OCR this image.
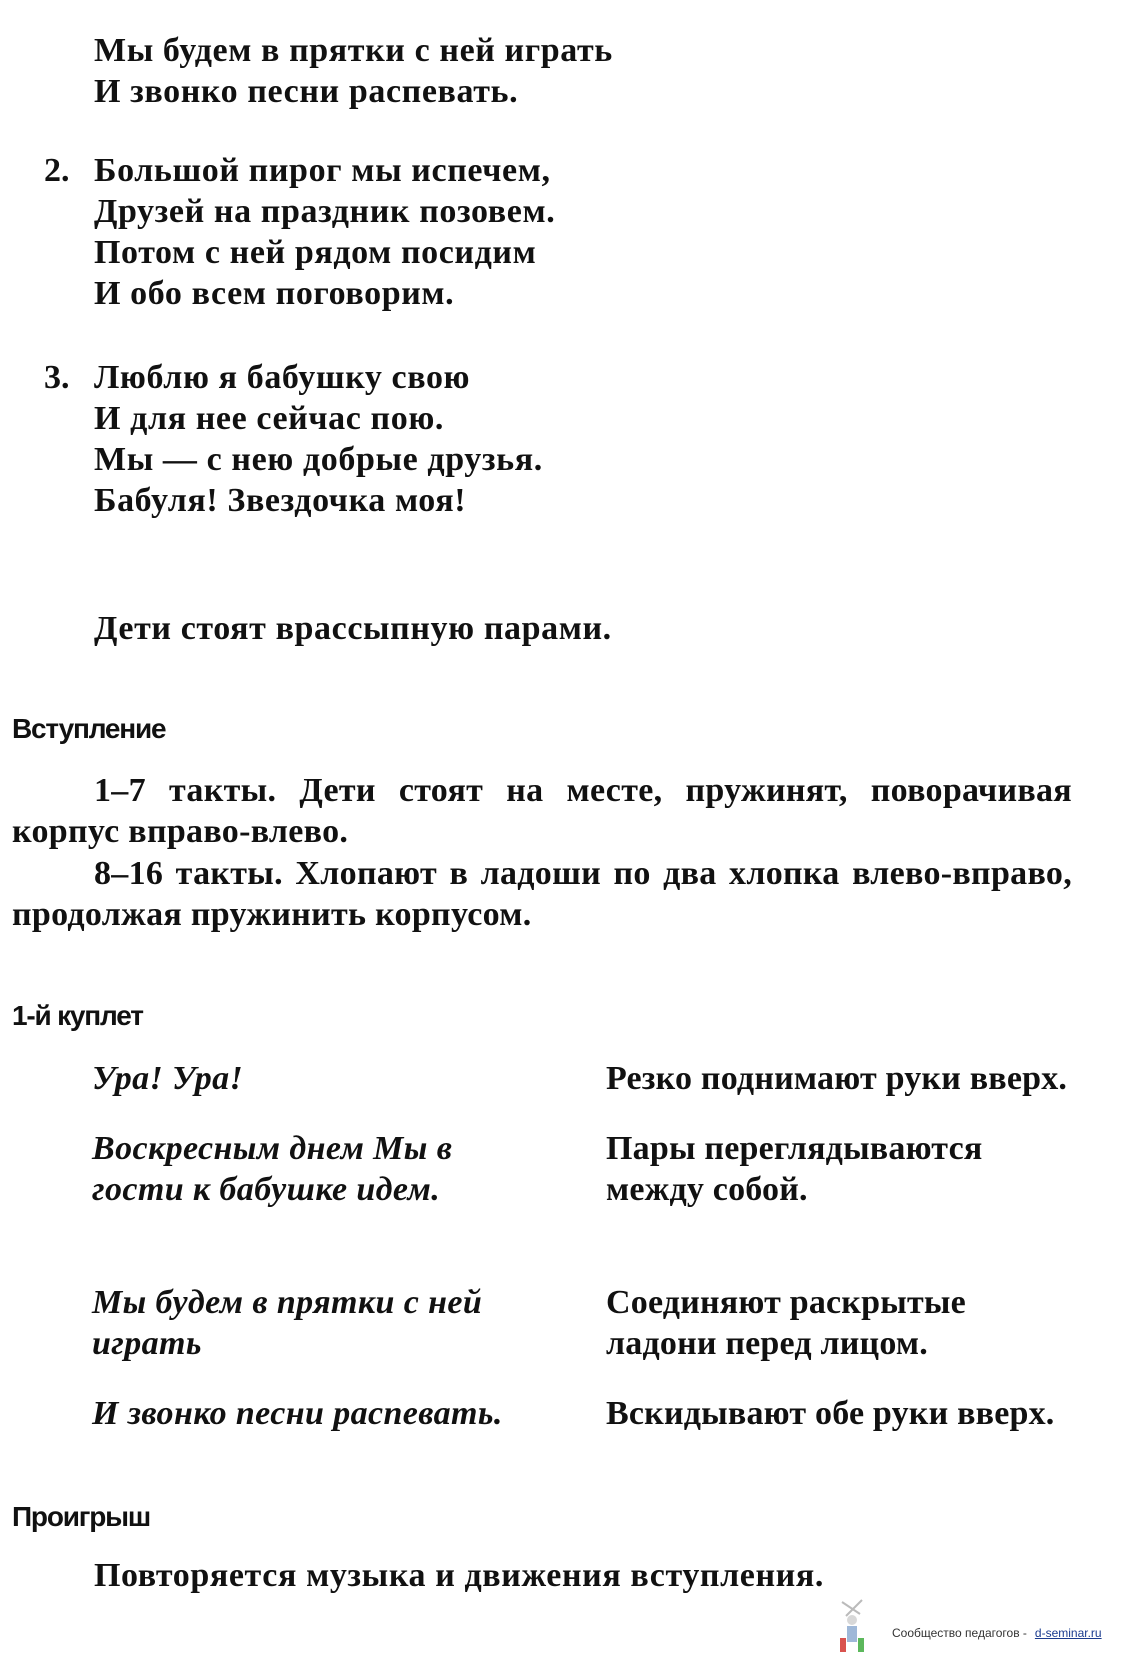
Мы будем в прятки с ней играть
И звонко песни распевать.
2. Большой пирог мы испечем,
Друзей на праздник позовем.
Потом с ней рядом посидим
И обо всем поговорим.
3. Люблю я бабушку свою
И для нее сейчас пою.
Мы — с нею добрые друзья.
Бабуля! Звездочка моя!
Дети стоят врассыпную парами.
Вступление
1–7 такты. Дети стоят на месте, пружинят, поворачивая корпус вправо-влево.
8–16 такты. Хлопают в ладоши по два хлопка влево-вправо, продолжая пружинить корпусом.
1-й куплет
Ура! Ура!	Резко поднимают руки вверх.
Воскресным днем Мы в гости к бабушке идем.
Пары переглядываются между собой.
Мы будем в прятки с ней играть
Соединяют раскрытые ладони перед лицом.
И звонко песни распевать.	Вскидывают обе руки вверх.
Проигрыш
Повторяется музыка и движения вступления.
Сообщество педагогов - d-seminar.ru
